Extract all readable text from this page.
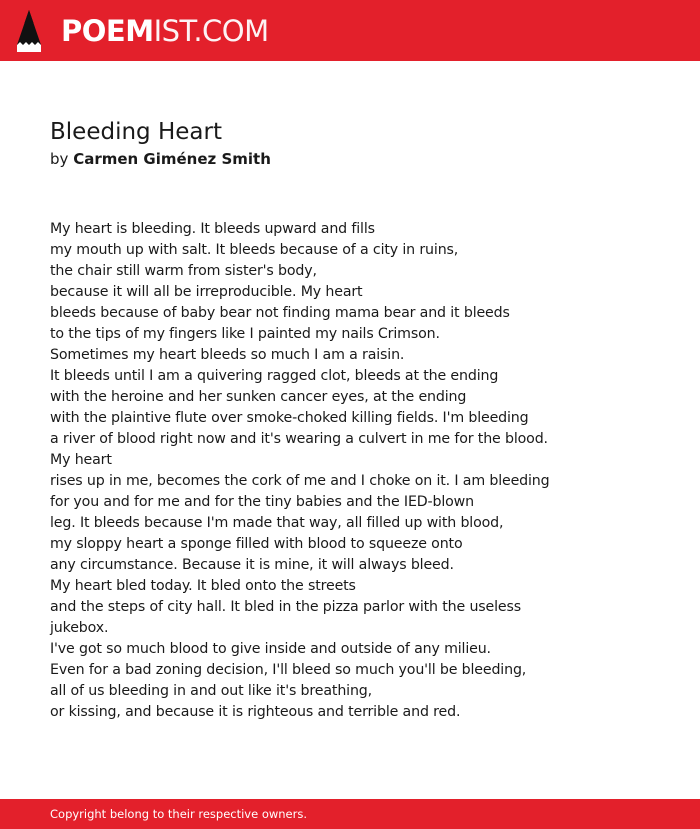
POEMIST.COM
Bleeding Heart
by Carmen Giménez Smith
My heart is bleeding. It bleeds upward and fills
my mouth up with salt. It bleeds because of a city in ruins,
the chair still warm from sister's body,
because it will all be irreproducible. My heart
bleeds because of baby bear not finding mama bear and it bleeds
to the tips of my fingers like I painted my nails Crimson.
Sometimes my heart bleeds so much I am a raisin.
It bleeds until I am a quivering ragged clot, bleeds at the ending
with the heroine and her sunken cancer eyes, at the ending
with the plaintive flute over smoke-choked killing fields. I'm bleeding
a river of blood right now and it's wearing a culvert in me for the blood.
My heart
rises up in me, becomes the cork of me and I choke on it. I am bleeding
for you and for me and for the tiny babies and the IED-blown
leg. It bleeds because I'm made that way, all filled up with blood,
my sloppy heart a sponge filled with blood to squeeze onto
any circumstance. Because it is mine, it will always bleed.
My heart bled today. It bled onto the streets
and the steps of city hall. It bled in the pizza parlor with the useless
jukebox.
I've got so much blood to give inside and outside of any milieu.
Even for a bad zoning decision, I'll bleed so much you'll be bleeding,
all of us bleeding in and out like it's breathing,
or kissing, and because it is righteous and terrible and red.
Copyright belong to their respective owners.
